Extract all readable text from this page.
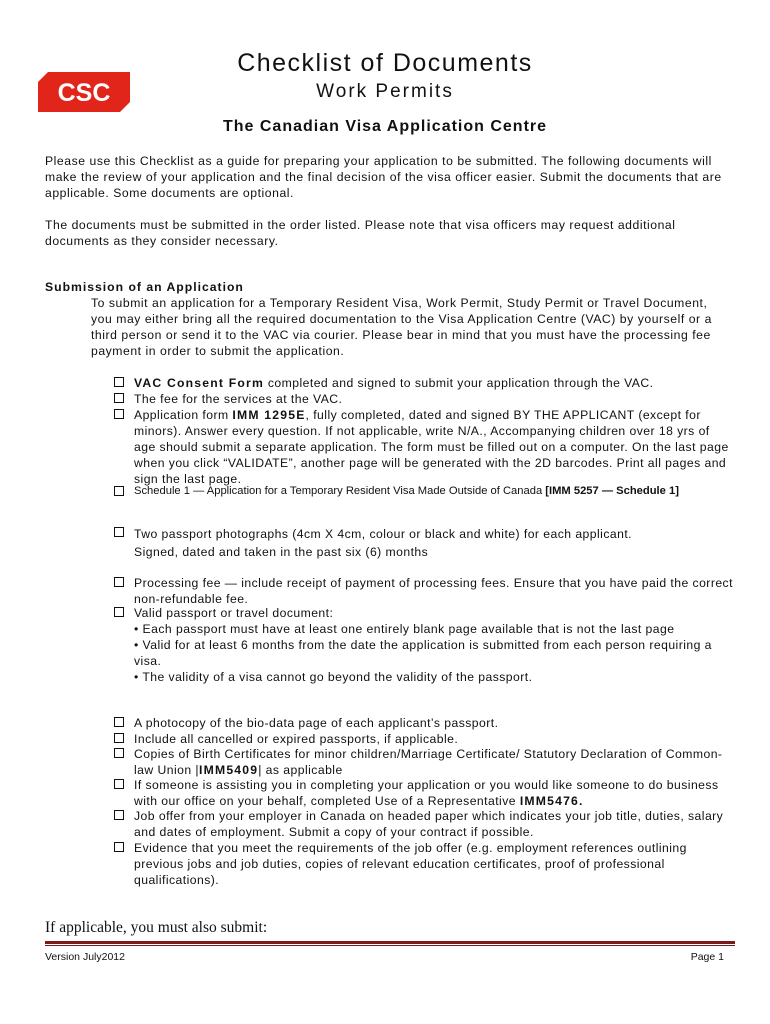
CSC
Checklist of Documents
Work Permits
The Canadian Visa Application Centre
Please use this Checklist as a guide for preparing your application to be submitted. The following documents will make the review of your application and the final decision of the visa officer easier. Submit the documents that are applicable. Some documents are optional.
The documents must be submitted in the order listed. Please note that visa officers may request additional documents as they consider necessary.
Submission of an Application
To submit an application for a Temporary Resident Visa, Work Permit, Study Permit or Travel Document, you may either bring all the required documentation to the Visa Application Centre (VAC) by yourself or a third person or send it to the VAC via courier. Please bear in mind that you must have the processing fee payment in order to submit the application.
VAC Consent Form completed and signed to submit your application through the VAC.
The fee for the services at the VAC.
Application form IMM 1295E, fully completed, dated and signed BY THE APPLICANT (except for minors). Answer every question. If not applicable, write N/A., Accompanying children over 18 yrs of age should submit a separate application. The form must be filled out on a computer. On the last page when you click “VALIDATE”, another page will be generated with the 2D barcodes. Print all pages and sign the last page.
Schedule 1 — Application for a Temporary Resident Visa Made Outside of Canada [IMM 5257 — Schedule 1]
Two passport photographs (4cm X 4cm, colour or black and white) for each applicant.
Signed, dated and taken in the past six (6) months
Processing fee — include receipt of payment of processing fees. Ensure that you have paid the correct non-refundable fee.
Valid passport or travel document:
• Each passport must have at least one entirely blank page available that is not the last page
• Valid for at least 6 months from the date the application is submitted from each person requiring a visa.
• The validity of a visa cannot go beyond the validity of the passport.
A photocopy of the bio-data page of each applicant’s passport.
Include all cancelled or expired passports, if applicable.
Copies of Birth Certificates for minor children/Marriage Certificate/ Statutory Declaration of Common-law Union |IMM5409| as applicable
If someone is assisting you in completing your application or you would like someone to do business with our office on your behalf, completed Use of a Representative IMM5476.
Job offer from your employer in Canada on headed paper which indicates your job title, duties, salary and dates of employment. Submit a copy of your contract if possible.
Evidence that you meet the requirements of the job offer (e.g. employment references outlining previous jobs and job duties, copies of relevant education certificates, proof of professional qualifications).
If applicable, you must also submit:
Version July2012	Page 1
